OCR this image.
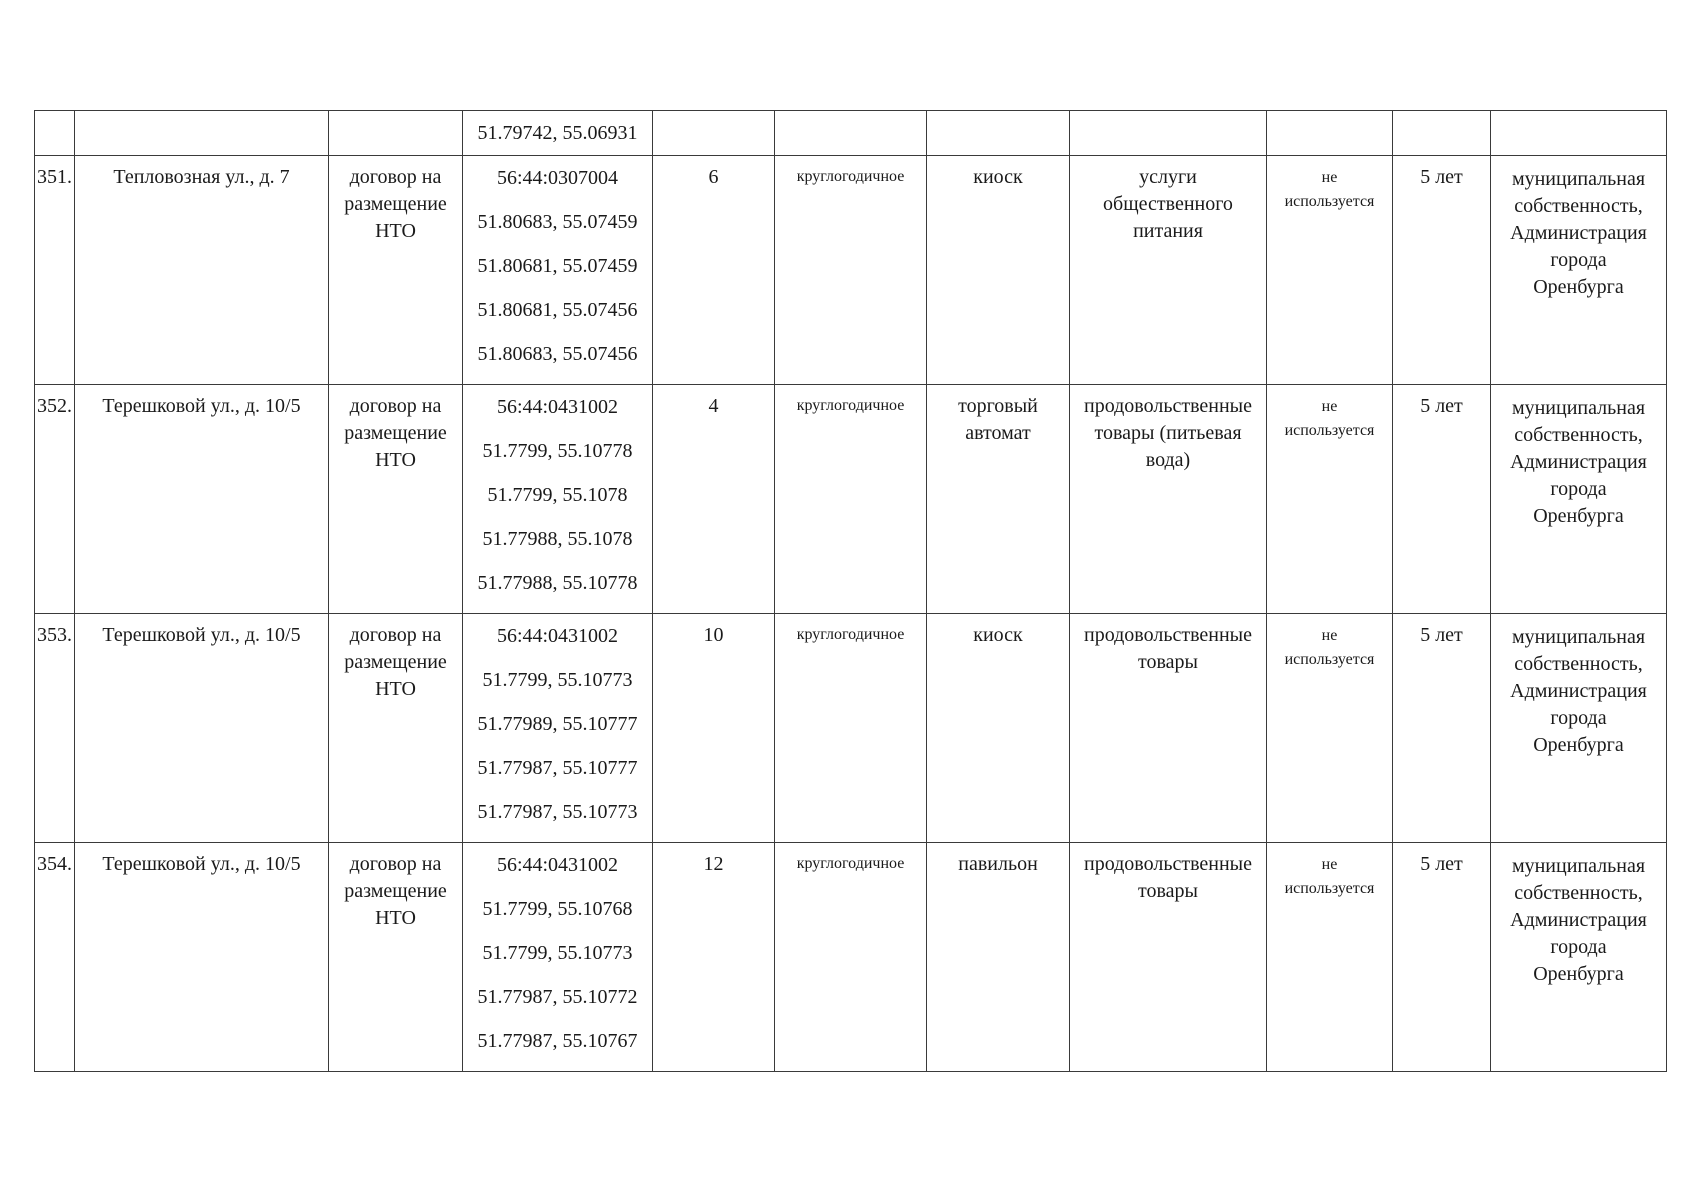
			51.79742, 55.06931							

351.	Тепловозная ул., д. 7	договор на
размещение
НТО	56:44:0307004
51.80683, 55.07459
51.80681, 55.07459
51.80681, 55.07456
51.80683, 55.07456	6	круглогодичное	киоск	услуги
общественного
питания	не
используется	5 лет	муниципальная
собственность,
Администрация
города
Оренбурга

352.	Терешковой ул., д. 10/5	договор на
размещение
НТО	56:44:0431002
51.7799, 55.10778
51.7799, 55.1078
51.77988, 55.1078
51.77988, 55.10778	4	круглогодичное	торговый
автомат	продовольственные
товары (питьевая
вода)	не
используется	5 лет	муниципальная
собственность,
Администрация
города
Оренбурга

353.	Терешковой ул., д. 10/5	договор на
размещение
НТО	56:44:0431002
51.7799, 55.10773
51.77989, 55.10777
51.77987, 55.10777
51.77987, 55.10773	10	круглогодичное	киоск	продовольственные
товары	не
используется	5 лет	муниципальная
собственность,
Администрация
города
Оренбурга

354.	Терешковой ул., д. 10/5	договор на
размещение
НТО	56:44:0431002
51.7799, 55.10768
51.7799, 55.10773
51.77987, 55.10772
51.77987, 55.10767	12	круглогодичное	павильон	продовольственные
товары	не
используется	5 лет	муниципальная
собственность,
Администрация
города
Оренбурга
